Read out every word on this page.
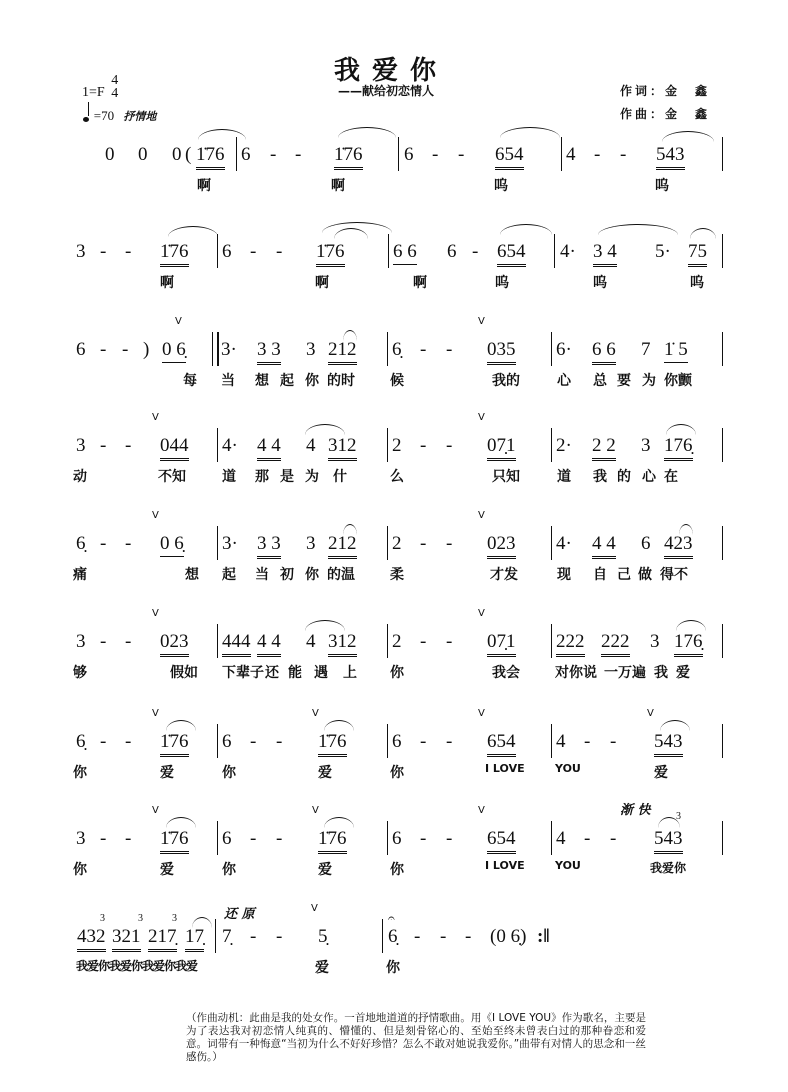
我爱你
——献给初恋情人	作词：金　鑫
作曲：金　鑫
1=F
4
4
=70 抒情地
0 0 0 ( 1̇76 6 - - 1̇76 6 - - 654 4 - - 543
啊	啊	呜	呜
3 - - 1̇76 6 - - 1̇76	6 6 6 - 654 4· 3 4 5· 75
啊	啊	啊	呜	呜	呜
6 - - )
V
0 6̣ 3· 3 3 3 212 6̣ - -
V
035 6· 6 6 7 1̇ 5
每 当 想 起 你 的时	候	我的	心 总 要 为 你颤
3 - -
V
044 4· 4 4 4 312 2 - -
V
07̣1 2· 2 2 3 176̣
动	不知	道 那 是 为 什	么	只知	道 我 的 心 在
6̣ - -
V
0 6̣ 3· 3 3 3 212 2 - -
V
023 4· 4 4 6 423
痛	想 起 当 初 你 的温	柔	才发	现 自 己 做 得不
3 - -
V
023 444 4 4 4 312 2 - -
V
07̣1 222 222 3 176̣
够	假如 下辈子 还 能 遇 上 你	我会	对你说 一万遍 我 爱
6̣ - -
V
1̇76 6 - -
V
1̇76 6 - -
V
654 4 - -
V
543
你	爱	你	爱	你	I LOVE	YOU	爱
渐 快
3 - -
V
1̇76 6 - -
V
1̇76 6 - -
V
654 4 - -
3
543
你	爱	你	爱	你	I LOVE	YOU	我爱你
还 原
3	3	3
432 321 217̣ 17̣ 7̣ - -
V
5̣
𝄐
6̣ - - - (0 6̣) :‖
我爱你我爱你我爱你我爱	爱	你
（作曲动机：此曲是我的处女作。一首地地道道的抒情歌曲。用《I LOVE YOU》作为歌名，主要是为了表达我对初恋情人纯真的、懵懂的、但是刻骨铭心的、至始至终未曾表白过的那种眷恋和爱意。词带有一种悔意“当初为什么不好好珍惜？怎么不敢对她说我爱你。”曲带有对情人的思念和一丝感伤。）
